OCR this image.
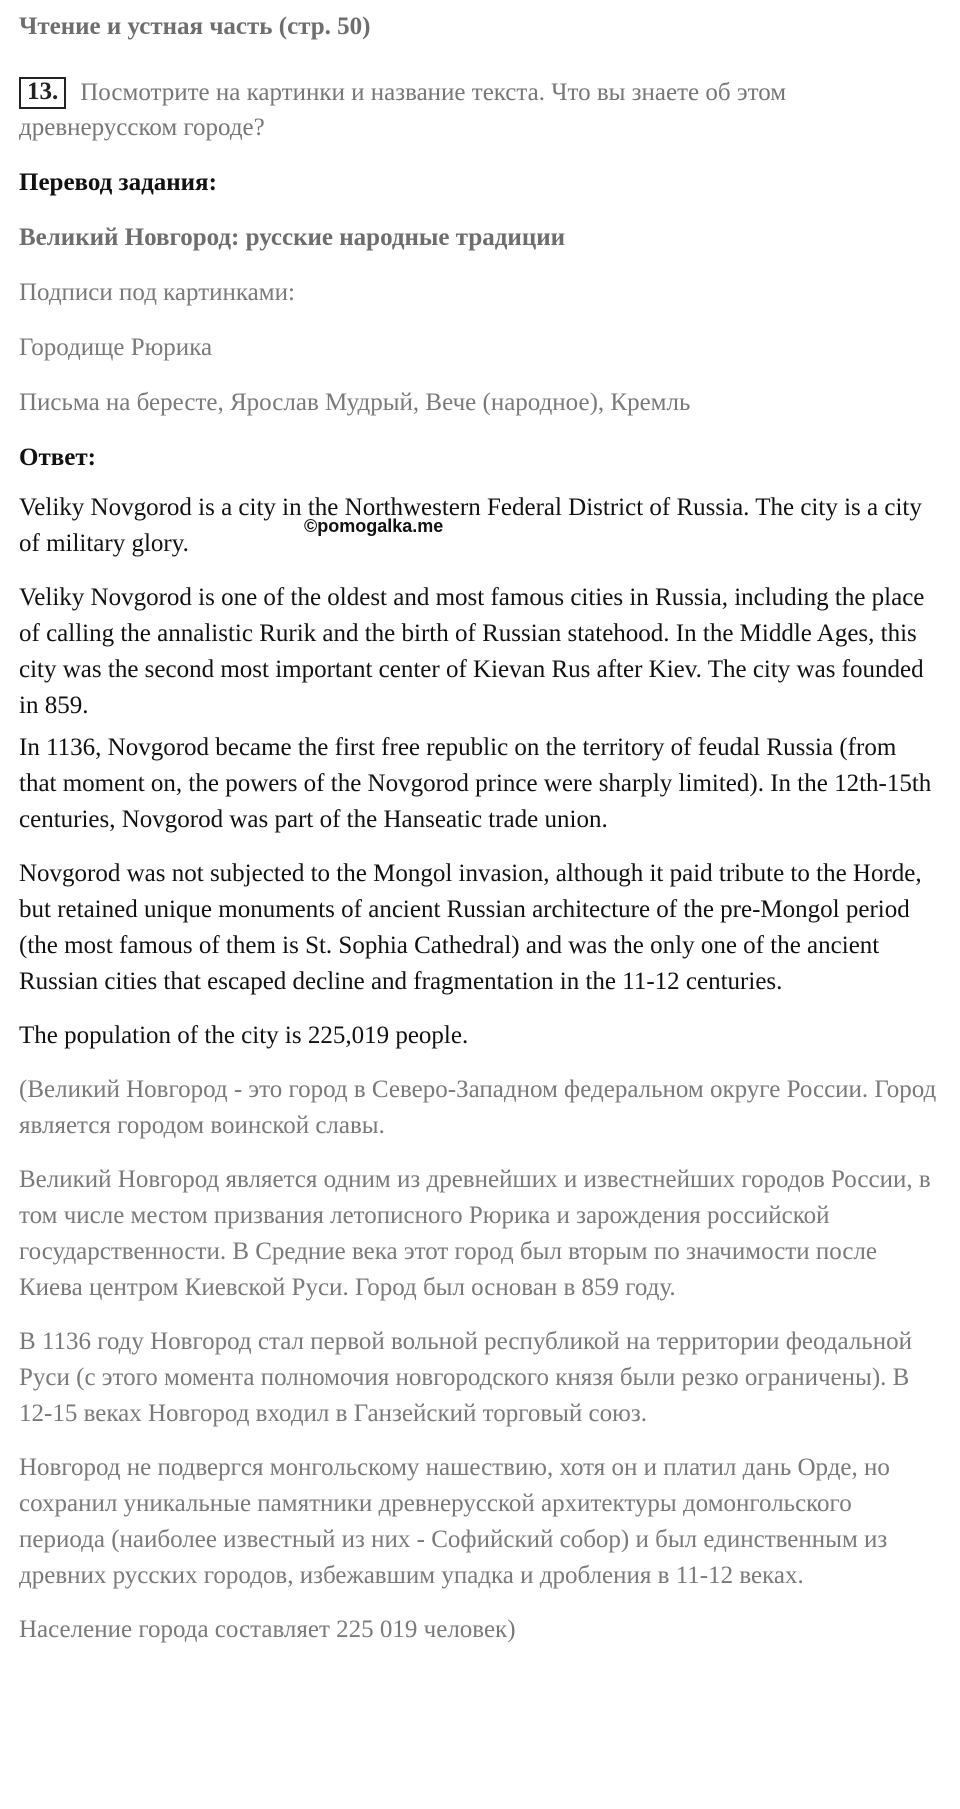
Чтение и устная часть (стр. 50)

13. Посмотрите на картинки и название текста. Что вы знаете об этом древнерусском городе?

Перевод задания:

Великий Новгород: русские народные традиции

Подписи под картинками:

Городище Рюрика

Письма на бересте, Ярослав Мудрый, Вече (народное), Кремль

Ответ:

Veliky Novgorod is a city in the Northwestern Federal District of Russia. The city is a city of military glory.

Veliky Novgorod is one of the oldest and most famous cities in Russia, including the place of calling the annalistic Rurik and the birth of Russian statehood. In the Middle Ages, this city was the second most important center of Kievan Rus after Kiev. The city was founded in 859.

In 1136, Novgorod became the first free republic on the territory of feudal Russia (from that moment on, the powers of the Novgorod prince were sharply limited). In the 12th-15th centuries, Novgorod was part of the Hanseatic trade union.

Novgorod was not subjected to the Mongol invasion, although it paid tribute to the Horde, but retained unique monuments of ancient Russian architecture of the pre-Mongol period (the most famous of them is St. Sophia Cathedral) and was the only one of the ancient Russian cities that escaped decline and fragmentation in the 11-12 centuries.

The population of the city is 225,019 people.

(Великий Новгород - это город в Северо-Западном федеральном округе России. Город является городом воинской славы.

Великий Новгород является одним из древнейших и известнейших городов России, в том числе местом призвания летописного Рюрика и зарождения российской государственности. В Средние века этот город был вторым по значимости после Киева центром Киевской Руси. Город был основан в 859 году.

В 1136 году Новгород стал первой вольной республикой на территории феодальной Руси (с этого момента полномочия новгородского князя были резко ограничены). В 12-15 веках Новгород входил в Ганзейский торговый союз.

Новгород не подвергся монгольскому нашествию, хотя он и платил дань Орде, но сохранил уникальные памятники древнерусской архитектуры домонгольского периода (наиболее известный из них - Софийский собор) и был единственным из древних русских городов, избежавшим упадка и дробления в 11-12 веках.

Население города составляет 225 019 человек)

©pomogalka.me
